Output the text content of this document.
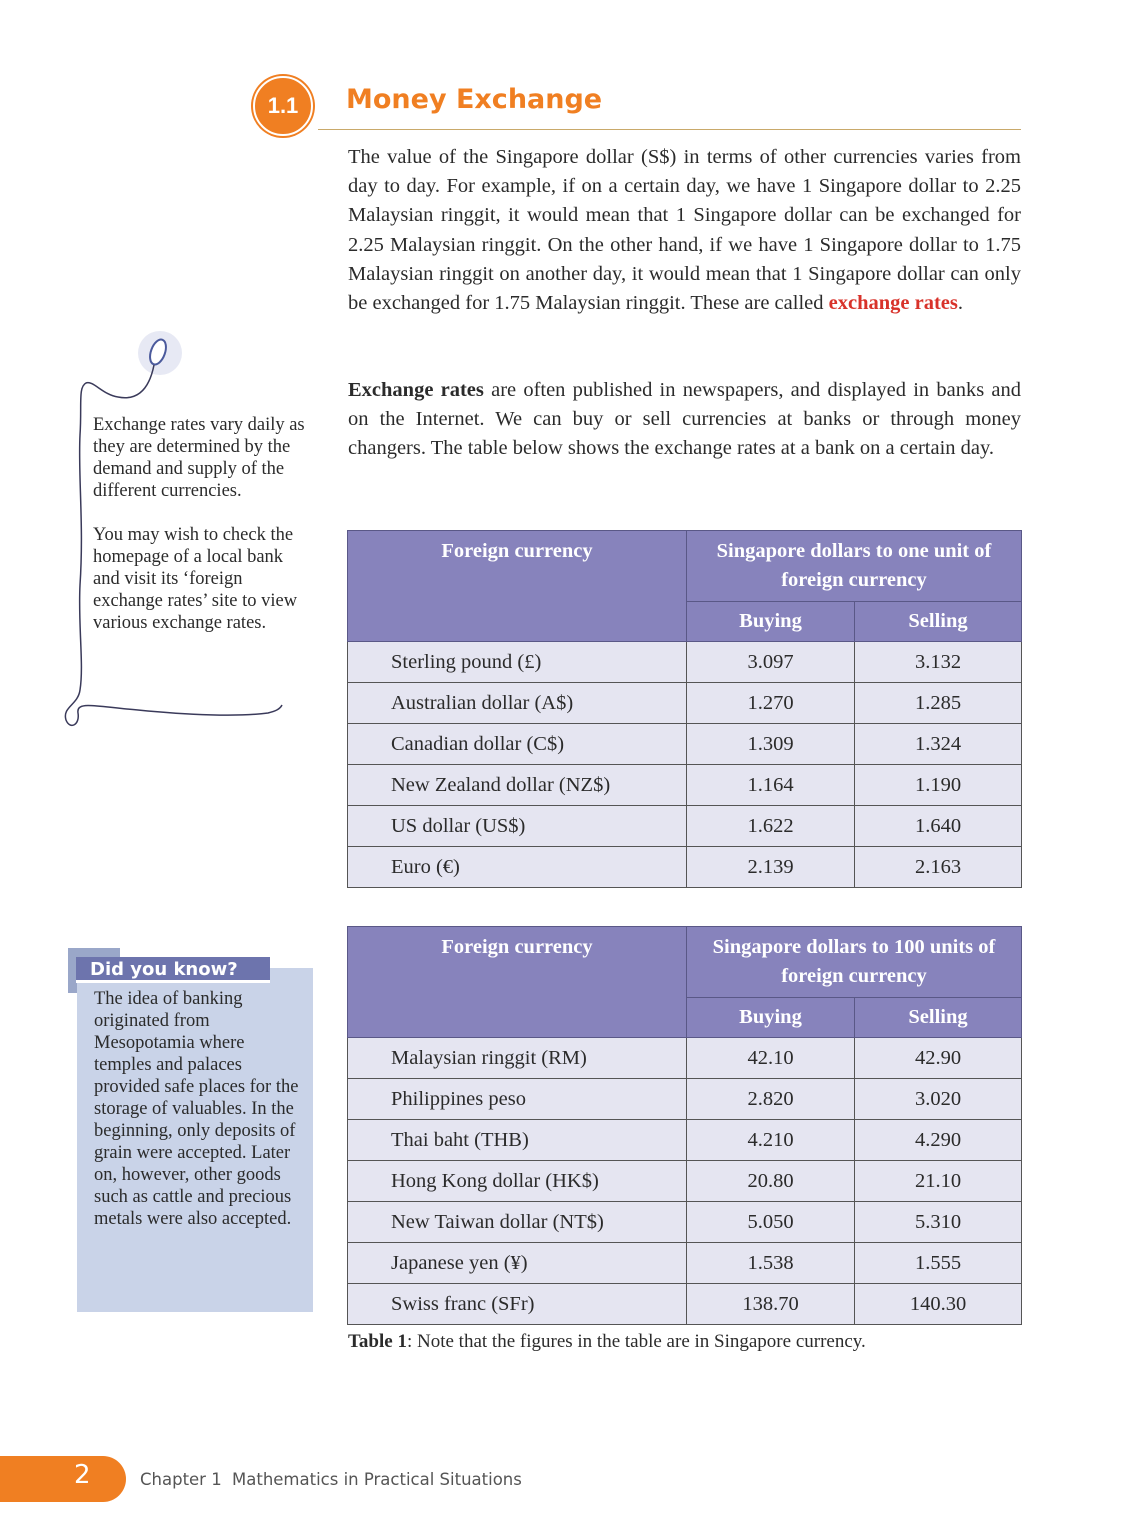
1.1 Money Exchange

The value of the Singapore dollar (S$) in terms of other currencies varies from day to day. For example, if on a certain day, we have 1 Singapore dollar to 2.25 Malaysian ringgit, it would mean that 1 Singapore dollar can be exchanged for 2.25 Malaysian ringgit. On the other hand, if we have 1 Singapore dollar to 1.75 Malaysian ringgit on another day, it would mean that 1 Singapore dollar can only be exchanged for 1.75 Malaysian ringgit. These are called exchange rates.

Exchange rates are often published in newspapers, and displayed in banks and on the Internet. We can buy or sell currencies at banks or through money changers. The table below shows the exchange rates at a bank on a certain day.

Exchange rates vary daily as they are determined by the demand and supply of the different currencies.

You may wish to check the homepage of a local bank and visit its ‘foreign exchange rates’ site to view various exchange rates.

Did you know?

The idea of banking originated from Mesopotamia where temples and palaces provided safe places for the storage of valuables. In the beginning, only deposits of grain were accepted. Later on, however, other goods such as cattle and precious metals were also accepted.

Foreign currency	Singapore dollars to one unit of foreign currency	
	Buying	Selling
Sterling pound (£)	3.097	3.132
Australian dollar (A$)	1.270	1.285
Canadian dollar (C$)	1.309	1.324
New Zealand dollar (NZ$)	1.164	1.190
US dollar (US$)	1.622	1.640
Euro (€)	2.139	2.163
Foreign currency	Singapore dollars to 100 units of foreign currency	
	Buying	Selling
Malaysian ringgit (RM)	42.10	42.90
Philippines peso	2.820	3.020
Thai baht (THB)	4.210	4.290
Hong Kong dollar (HK$)	20.80	21.10
New Taiwan dollar (NT$)	5.050	5.310
Japanese yen (¥)	1.538	1.555
Swiss franc (SFr)	138.70	140.30

Table 1: Note that the figures in the table are in Singapore currency.

2	Chapter 1 Mathematics in Practical Situations
